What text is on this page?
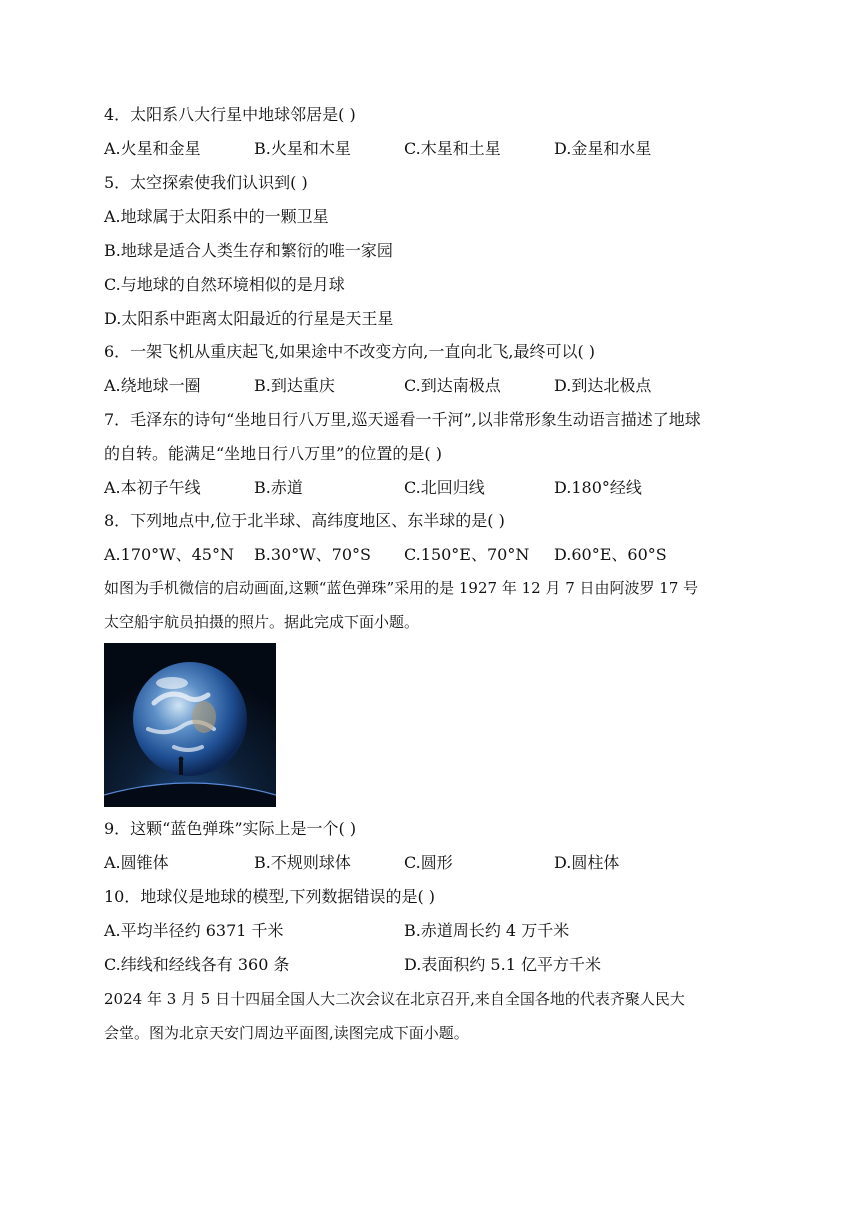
4．太阳系八大行星中地球邻居是( )
A.火星和金星	B.火星和木星	C.木星和土星	D.金星和水星
5．太空探索使我们认识到( )
A.地球属于太阳系中的一颗卫星
B.地球是适合人类生存和繁衍的唯一家园
C.与地球的自然环境相似的是月球
D.太阳系中距离太阳最近的行星是天王星
6．一架飞机从重庆起飞,如果途中不改变方向,一直向北飞,最终可以( )
A.绕地球一圈	B.到达重庆	C.到达南极点	D.到达北极点
7．毛泽东的诗句“坐地日行八万里,巡天遥看一千河”,以非常形象生动语言描述了地球
的自转。能满足“坐地日行八万里”的位置的是( )
A.本初子午线	B.赤道	C.北回归线	D.180°经线
8．下列地点中,位于北半球、高纬度地区、东半球的是( )
A.170°W、45°N B.30°W、70°S C.150°E、70°N D.60°E、60°S
如图为手机微信的启动画面,这颗“蓝色弹珠”采用的是 1927 年 12 月 7 日由阿波罗 17 号
太空船宇航员拍摄的照片。据此完成下面小题。
9．这颗“蓝色弹珠”实际上是一个( )
A.圆锥体	B.不规则球体	C.圆形	D.圆柱体
10．地球仪是地球的模型,下列数据错误的是( )
A.平均半径约 6371 千米	B.赤道周长约 4 万千米
C.纬线和经线各有 360 条	D.表面积约 5.1 亿平方千米
2024 年 3 月 5 日十四届全国人大二次会议在北京召开,来自全国各地的代表齐聚人民大
会堂。图为北京天安门周边平面图,读图完成下面小题。
